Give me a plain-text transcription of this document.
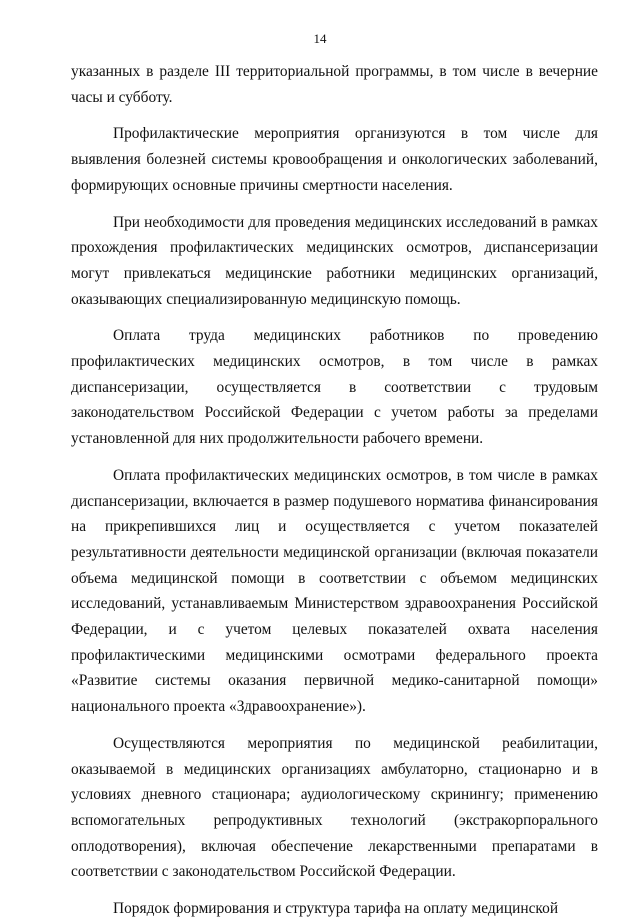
14

указанных в разделе III территориальной программы, в том числе в вечерние часы и субботу.

Профилактические мероприятия организуются в том числе для выявления болезней системы кровообращения и онкологических заболеваний, формирующих основные причины смертности населения.

При необходимости для проведения медицинских исследований в рамках прохождения профилактических медицинских осмотров, диспансеризации могут привлекаться медицинские работники медицинских организаций, оказывающих специализированную медицинскую помощь.

Оплата труда медицинских работников по проведению профилактических медицинских осмотров, в том числе в рамках диспансеризации, осуществляется в соответствии с трудовым законодательством Российской Федерации с учетом работы за пределами установленной для них продолжительности рабочего времени.

Оплата профилактических медицинских осмотров, в том числе в рамках диспансеризации, включается в размер подушевого норматива финансирования на прикрепившихся лиц и осуществляется с учетом показателей результативности деятельности медицинской организации (включая показатели объема медицинской помощи в соответствии с объемом медицинских исследований, устанавливаемым Министерством здравоохранения Российской Федерации, и с учетом целевых показателей охвата населения профилактическими медицинскими осмотрами федерального проекта «Развитие системы оказания первичной медико-санитарной помощи» национального проекта «Здравоохранение»).

Осуществляются мероприятия по медицинской реабилитации, оказываемой в медицинских организациях амбулаторно, стационарно и в условиях дневного стационара; аудиологическому скринингу; применению вспомогательных репродуктивных технологий (экстракорпорального оплодотворения), включая обеспечение лекарственными препаратами в соответствии с законодательством Российской Федерации.

Порядок формирования и структура тарифа на оплату медицинской
